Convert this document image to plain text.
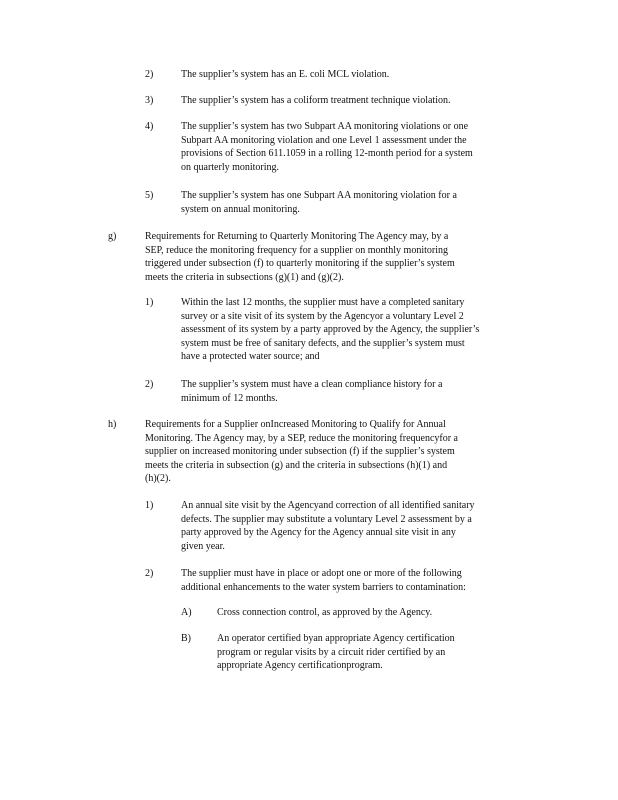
2)	The supplier’s system has an E. coli MCL violation.
3)	The supplier’s system has a coliform treatment technique violation.
4)	The supplier’s system has two Subpart AA monitoring violations or one
Subpart AA monitoring violation and one Level 1 assessment under the
provisions of Section 611.1059 in a rolling 12-month period for a system
on quarterly monitoring.
5)	The supplier’s system has one Subpart AA monitoring violation for a
system on annual monitoring.
g)	Requirements for Returning to Quarterly Monitoring The Agency may, by a
SEP, reduce the monitoring frequency for a supplier on monthly monitoring
triggered under subsection (f) to quarterly monitoring if the supplier’s system
meets the criteria in subsections (g)(1) and (g)(2).
1)	Within the last 12 months, the supplier must have a completed sanitary
survey or a site visit of its system by the Agencyor a voluntary Level 2
assessment of its system by a party approved by the Agency, the supplier’s
system must be free of sanitary defects, and the supplier’s system must
have a protected water source; and
2)	The supplier’s system must have a clean compliance history for a
minimum of 12 months.
h)	Requirements for a Supplier onIncreased Monitoring to Qualify for Annual
Monitoring. The Agency may, by a SEP, reduce the monitoring frequencyfor a
supplier on increased monitoring under subsection (f) if the supplier’s system
meets the criteria in subsection (g) and the criteria in subsections (h)(1) and
(h)(2).
1)	An annual site visit by the Agencyand correction of all identified sanitary
defects. The supplier may substitute a voluntary Level 2 assessment by a
party approved by the Agency for the Agency annual site visit in any
given year.
2)	The supplier must have in place or adopt one or more of the following
additional enhancements to the water system barriers to contamination:
A)	Cross connection control, as approved by the Agency.
B)	An operator certified byan appropriate Agency certification
program or regular visits by a circuit rider certified by an
appropriate Agency certificationprogram.
